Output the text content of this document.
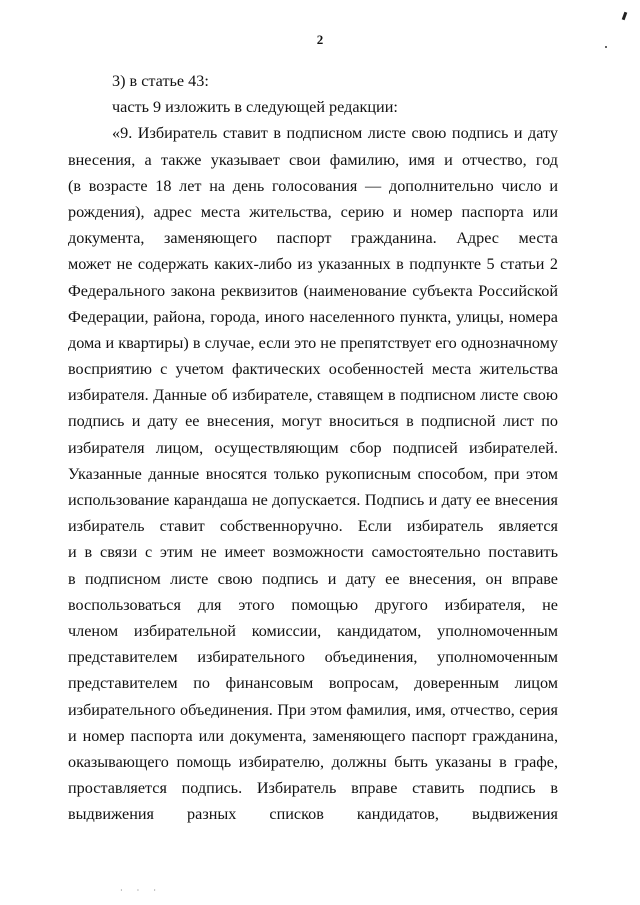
2
3) в статье 43:
часть 9 изложить в следующей редакции:
«9. Избиратель ставит в подписном листе свою подпись и дату
внесения, а также указывает свои фамилию, имя и отчество, год
(в возрасте 18 лет на день голосования — дополнительно число и
рождения), адрес места жительства, серию и номер паспорта или
документа, заменяющего паспорт гражданина. Адрес места
может не содержать каких-либо из указанных в подпункте 5 статьи 2
Федерального закона реквизитов (наименование субъекта Российской
Федерации, района, города, иного населенного пункта, улицы, номера
дома и квартиры) в случае, если это не препятствует его однозначному
восприятию с учетом фактических особенностей места жительства
избирателя. Данные об избирателе, ставящем в подписном листе свою
подпись и дату ее внесения, могут вноситься в подписной лист по
избирателя лицом, осуществляющим сбор подписей избирателей.
Указанные данные вносятся только рукописным способом, при этом
использование карандаша не допускается. Подпись и дату ее внесения
избиратель ставит собственноручно. Если избиратель является
и в связи с этим не имеет возможности самостоятельно поставить
в подписном листе свою подпись и дату ее внесения, он вправе
воспользоваться для этого помощью другого избирателя, не
членом избирательной комиссии, кандидатом, уполномоченным
представителем избирательного объединения, уполномоченным
представителем по финансовым вопросам, доверенным лицом
избирательного объединения. При этом фамилия, имя, отчество, серия
и номер паспорта или документа, заменяющего паспорт гражданина,
оказывающего помощь избирателю, должны быть указаны в графе,
проставляется подпись. Избиратель вправе ставить подпись в
выдвижения разных списков кандидатов, выдвижения
· · ·
